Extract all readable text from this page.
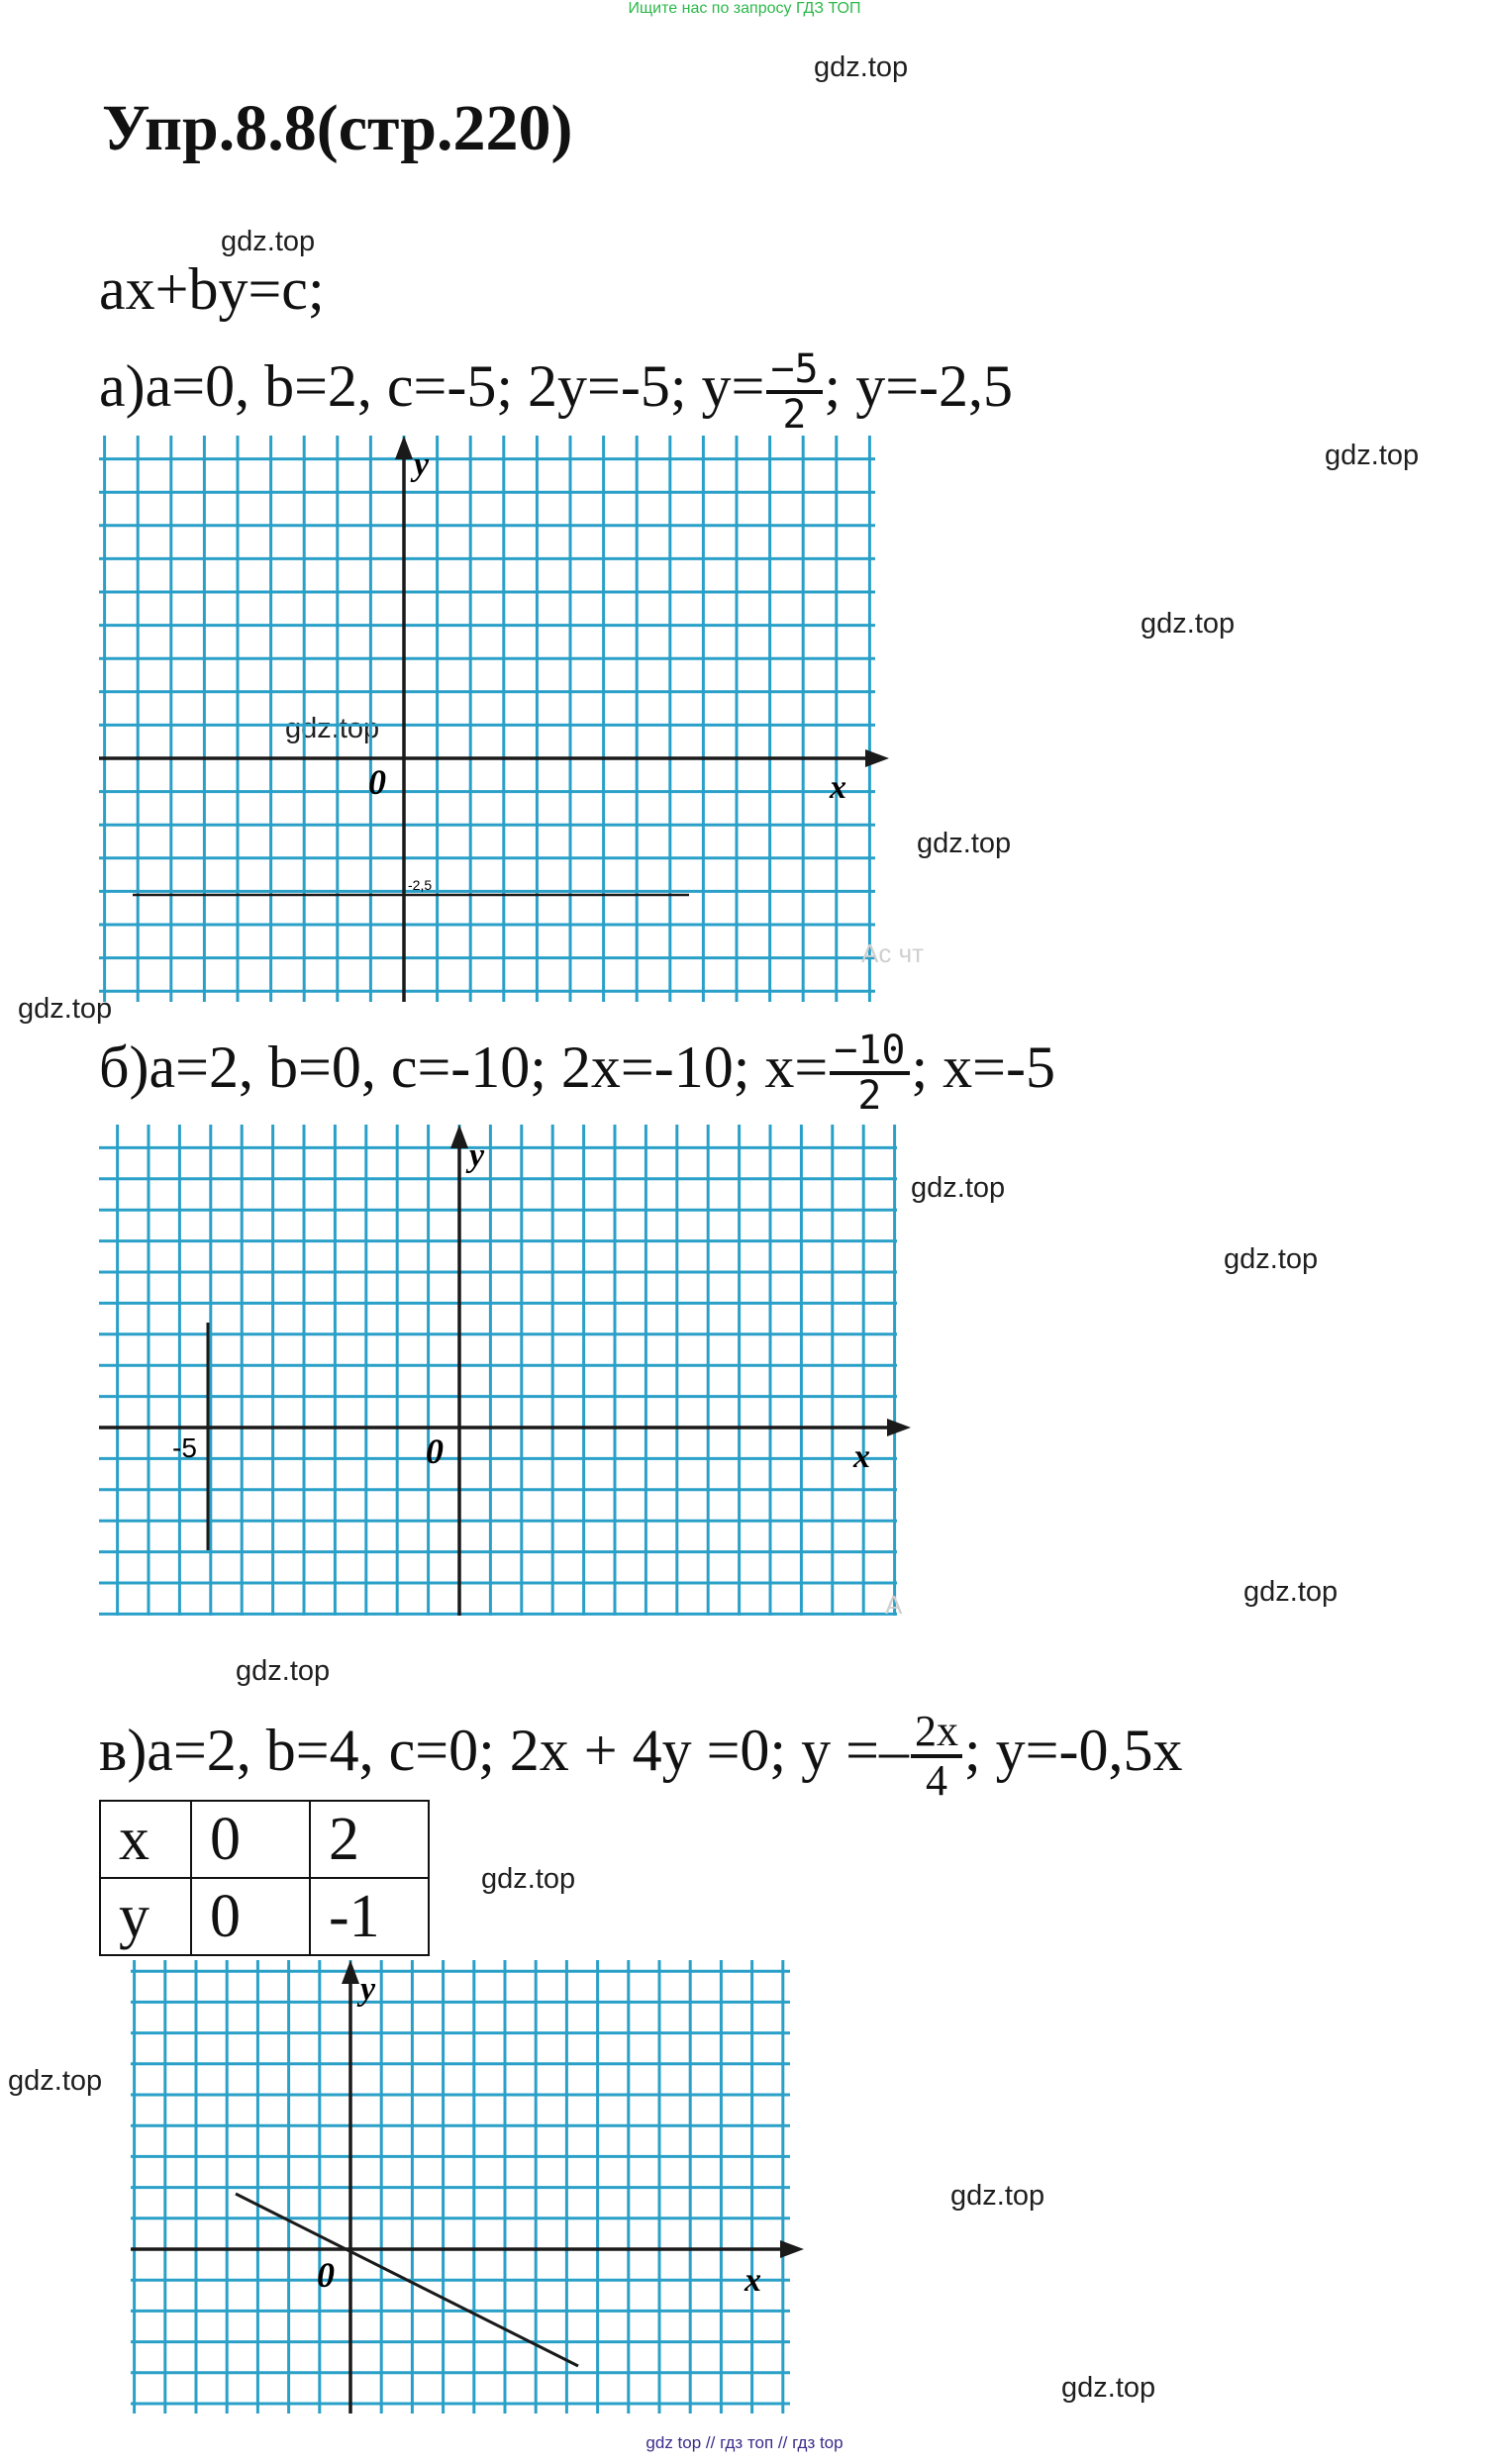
Ищите нас по запросу ГДЗ ТОП
gdz.top
gdz.top
gdz.top
gdz.top
gdz.top
gdz.top
gdz.top
gdz.top
gdz.top
gdz.top
gdz.top
gdz.top
gdz.top
gdz.top
gdz.top
Упр.8.8(стр.220)
ax+by=c;
а)a=0, b=2, c=-5; 2y=-5; $y= \frac{-5}{2}$ ; y=-2,5
y
x
0
-2,5
Ac чт
б)a=2, b=0, c=-10; 2x=-10; $x= \frac{-10}{2}$ ; x=-5
y
x
0
-5
A
в)a=2, b=4, c=0; 2x + 4y =0; $y =- \frac{2x}{4}$ ; y=-0,5x
x	0	2
y	0	-1
y
x
0
gdz top // гдз топ // гдз top
